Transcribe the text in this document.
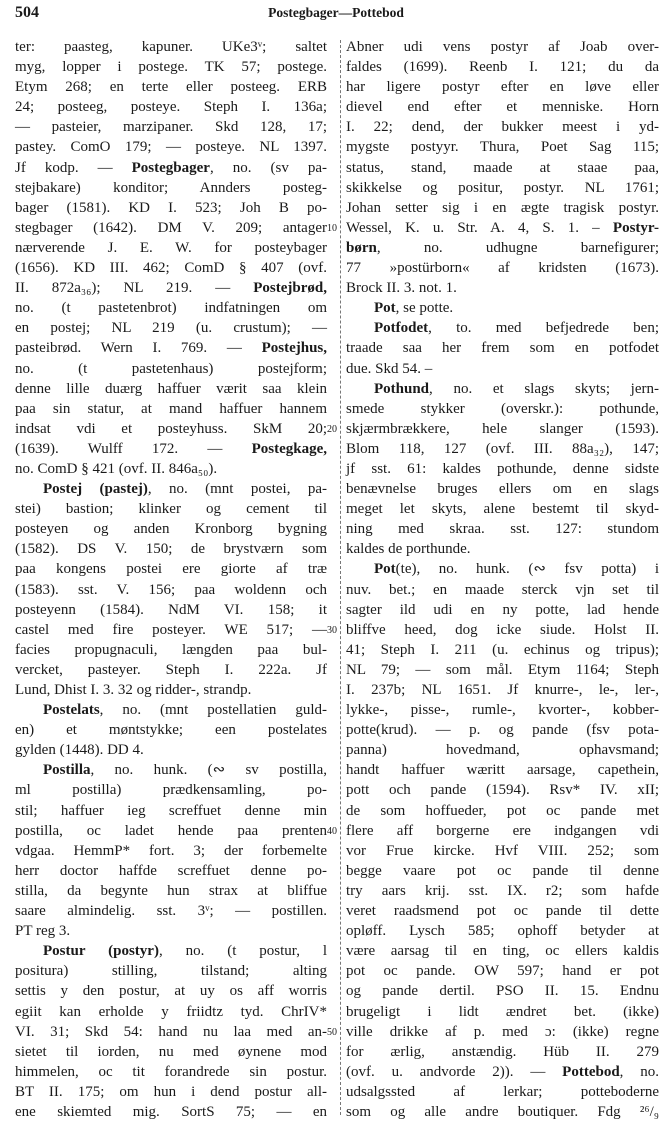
504	Postegbager—Pottebod
10
20
30
40
50
ter: paasteg, kapuner. UKe3ᵛ; saltet
myg, lopper i postege. TK 57; postege.
Etym 268; en terte eller posteeg. ERB
24; posteeg, posteye. Steph I. 136a;
— pasteier, marzipaner. Skd 128, 17;
pastey. ComO 179; — posteye. NL 1397.
Jf kodp. — Postegbager, no. (sv pa-
stejbakare) konditor; Annders posteg-
bager (1581). KD I. 523; Joh B po-
stegbager (1642). DM V. 209; antager
nærverende J. E. W. for posteybager
(1656). KD III. 462; ComD § 407 (ovf.
II. 872a₃₆); NL 219. — Postejbrød,
no. (t pastetenbrot) indfatningen om
en postej; NL 219 (u. crustum); —
pasteibrød. Wern I. 769. — Postejhus,
no. (t pastetenhaus) postejform;
denne lille duærg haffuer værit saa klein
paa sin statur, at mand haffuer hannem
indsat vdi et posteyhuss. SkM 20;
(1639). Wulff 172. — Postegkage,
no. ComD § 421 (ovf. II. 846a₅₀).
Postej (pastej), no. (mnt postei, pa-
stei) bastion; klinker og cement til
posteyen og anden Kronborg bygning
(1582). DS V. 150; de brystværn som
paa kongens postei ere giorte af træ
(1583). sst. V. 156; paa woldenn och
posteyenn (1584). NdM VI. 158; it
castel med fire posteyer. WE 517; —
facies propugnaculi, længden paa bul-
vercket, pasteyer. Steph I. 222a. Jf
Lund, Dhist I. 3. 32 og ridder-, strandp.
Postelats, no. (mnt postellatien guld-
en) et møntstykke; een postelates
gylden (1448). DD 4.
Postilla, no. hunk. (∾ sv postilla,
ml postilla) prædkensamling, po-
stil; haffuer ieg screffuet denne min
postilla, oc ladet hende paa prenten
vdgaa. HemmP* fort. 3; der forbemelte
herr doctor haffde screffuet denne po-
stilla, da begynte hun strax at bliffue
saare almindelig. sst. 3ᵛ; — postillen.
PT reg 3.
Postur (postyr), no. (t postur, l
positura) stilling, tilstand; alting
settis y den postur, at uy os aff worris
egiit kan erholde y friidtz tyd. ChrIV*
VI. 31; Skd 54: hand nu laa med an-
sietet til iorden, nu med øynene mod
himmelen, oc tit forandrede sin postur.
BT II. 175; om hun i dend postur all-
ene skiemted mig. SortS 75; — en
Abner udi vens postyr af Joab over-
faldes (1699). Reenb I. 121; du da
har ligere postyr efter en løve eller
dievel end efter et menniske. Horn
I. 22; dend, der bukker meest i yd-
mygste postyyr. Thura, Poet Sag 115;
status, stand, maade at staae paa,
skikkelse og positur, postyr. NL 1761;
Johan setter sig i en ægte tragisk postyr.
Wessel, K. u. Str. A. 4, S. 1. – Postyr-
børn, no. udhugne barnefigurer;
77 »postürborn« af kridsten (1673).
Brock II. 3. not. 1.
Pot, se potte.
Potfodet, to. med befjedrede ben;
traade saa her frem som en potfodet
due. Skd 54. –
Pothund, no. et slags skyts; jern-
smede stykker (overskr.): pothunde,
skjærmbrækkere, hele slanger (1593).
Blom 118, 127 (ovf. III. 88a₃₂), 147;
jf sst. 61: kaldes pothunde, denne sidste
benævnelse bruges ellers om en slags
meget let skyts, alene bestemt til skyd-
ning med skraa. sst. 127: stundom
kaldes de porthunde.
Pot(te), no. hunk. (∾ fsv potta) i
nuv. bet.; en maade sterck vjn set til
sagter ild udi en ny potte, lad hende
bliffve heed, dog icke siude. Holst II.
41; Steph I. 211 (u. echinus og tripus);
NL 79; — som mål. Etym 1164; Steph
I. 237b; NL 1651. Jf knurre-, le-, ler-,
lykke-, pisse-, rumle-, kvorter-, kobber-
potte(krud). — p. og pande (fsv pota-
panna) hovedmand, ophavsmand;
handt haffuer wæritt aarsage, capethein,
pott och pande (1594). Rsv* IV. xII;
de som hoffueder, pot oc pande met
flere aff borgerne ere indgangen vdi
vor Frue kircke. Hvf VIII. 252; som
begge vaare pot oc pande til denne
try aars krij. sst. IX. r2; som hafde
veret raadsmend pot oc pande til dette
opløff. Lysch 585; ophoff betyder at
være aarsag til en ting, oc ellers kaldis
pot oc pande. OW 597; hand er pot
og pande dertil. PSO II. 15. Endnu
brugeligt i lidt ændret bet. (ikke)
ville drikke af p. med ɔ: (ikke) regne
for ærlig, anstændig. Hüb II. 279
(ovf. u. andvorde 2)). — Pottebod, no.
udsalgssted af lerkar; potteboderne
som og alle andre boutiquer. Fdg ²⁶/₉
